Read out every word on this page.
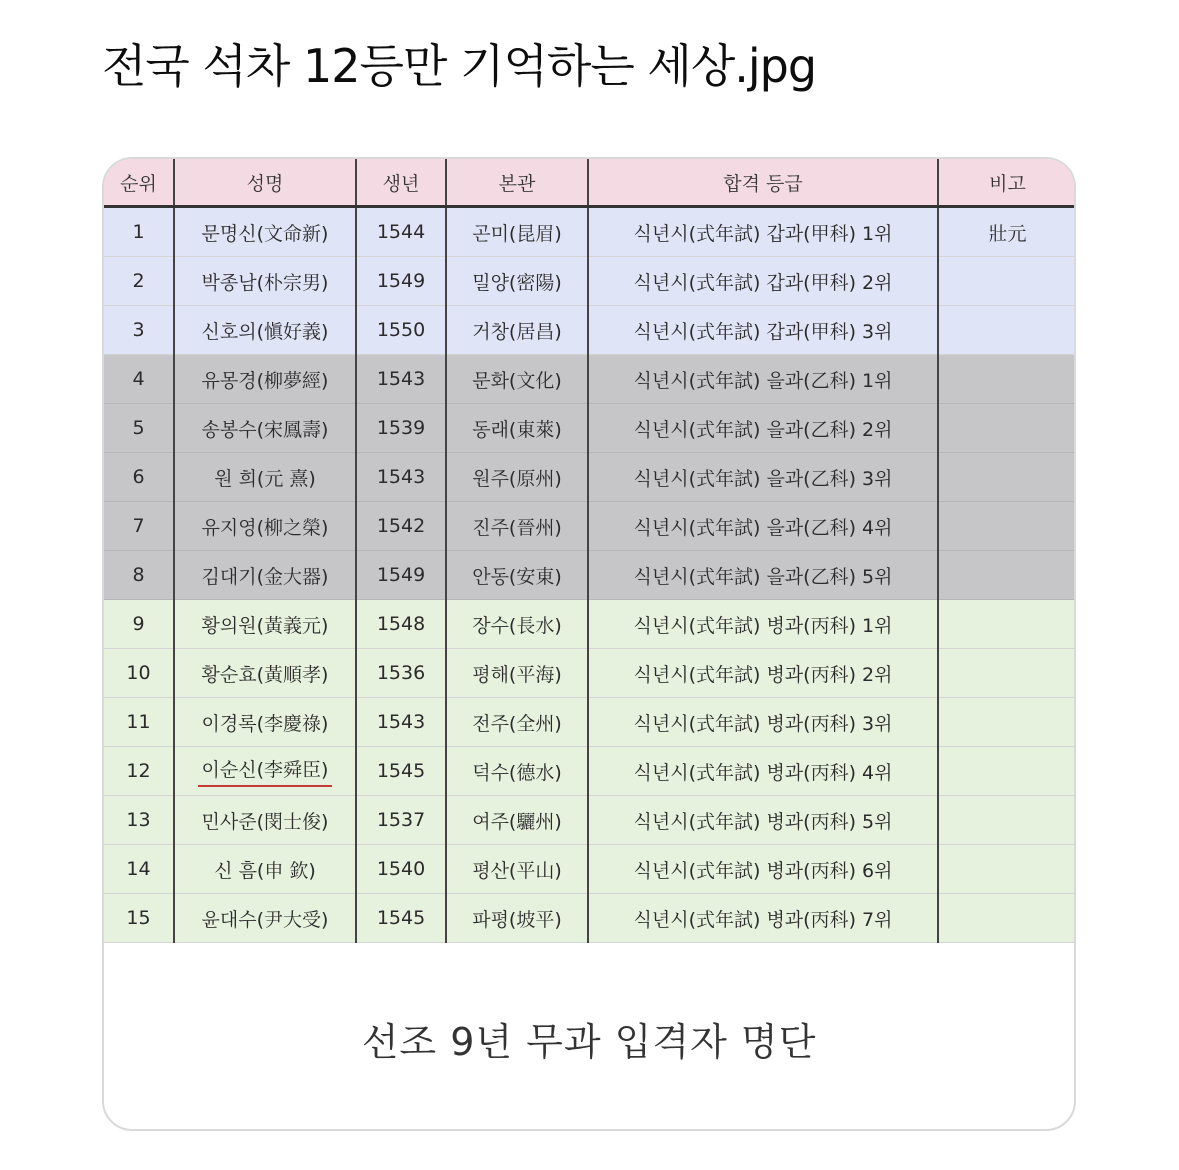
전국 석차 12등만 기억하는 세상.jpg
순위	성명	생년	본관	합격 등급	비고
1	문명신(文命新)	1544	곤미(昆眉)	식년시(式年試) 갑과(甲科) 1위	壯元
2	박종남(朴宗男)	1549	밀양(密陽)	식년시(式年試) 갑과(甲科) 2위	
3	신호의(愼好義)	1550	거창(居昌)	식년시(式年試) 갑과(甲科) 3위	
4	유몽경(柳夢經)	1543	문화(文化)	식년시(式年試) 을과(乙科) 1위	
5	송봉수(宋鳳壽)	1539	동래(東萊)	식년시(式年試) 을과(乙科) 2위	
6	원 희(元 熹)	1543	원주(原州)	식년시(式年試) 을과(乙科) 3위	
7	유지영(柳之榮)	1542	진주(晉州)	식년시(式年試) 을과(乙科) 4위	
8	김대기(金大器)	1549	안동(安東)	식년시(式年試) 을과(乙科) 5위	
9	황의원(黃義元)	1548	장수(長水)	식년시(式年試) 병과(丙科) 1위	
10	황순효(黃順孝)	1536	평해(平海)	식년시(式年試) 병과(丙科) 2위	
11	이경록(李慶祿)	1543	전주(全州)	식년시(式年試) 병과(丙科) 3위	
12	이순신(李舜臣)	1545	덕수(德水)	식년시(式年試) 병과(丙科) 4위	
13	민사준(閔士俊)	1537	여주(驪州)	식년시(式年試) 병과(丙科) 5위	
14	신 흠(申 欽)	1540	평산(平山)	식년시(式年試) 병과(丙科) 6위	
15	윤대수(尹大受)	1545	파평(坡平)	식년시(式年試) 병과(丙科) 7위	
선조 9년 무과 입격자 명단
